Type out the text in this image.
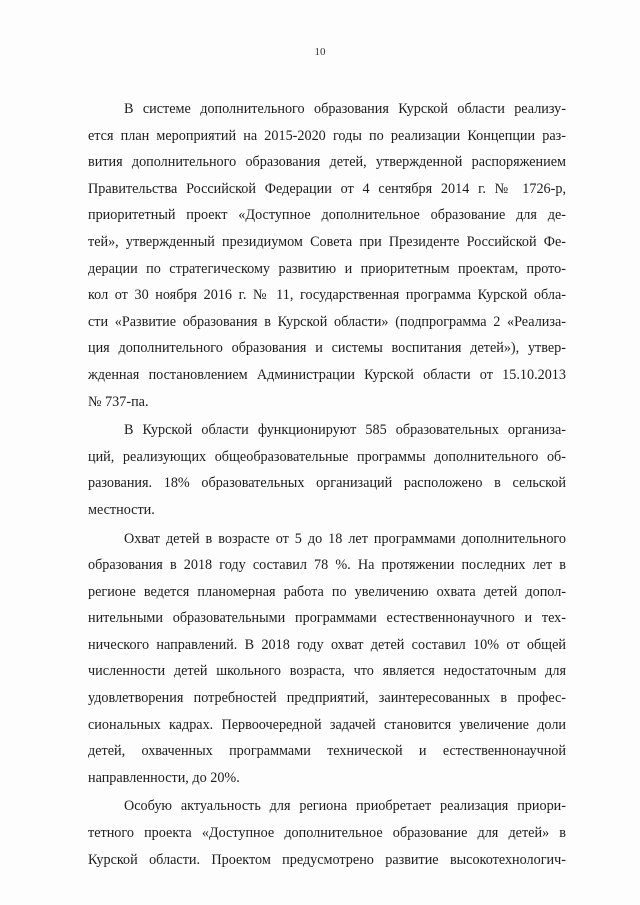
10

В системе дополнительного образования Курской области реализу-
ется план мероприятий на 2015-2020 годы по реализации Концепции раз-
вития дополнительного образования детей, утвержденной распоряжением
Правительства Российской Федерации от 4 сентября 2014 г. № 1726-р,
приоритетный проект «Доступное дополнительное образование для де-
тей», утвержденный президиумом Совета при Президенте Российской Фе-
дерации по стратегическому развитию и приоритетным проектам, прото-
кол от 30 ноября 2016 г. № 11, государственная программа Курской обла-
сти «Развитие образования в Курской области» (подпрограмма 2 «Реализа-
ция дополнительного образования и системы воспитания детей»), утвер-
жденная постановлением Администрации Курской области от 15.10.2013
№ 737-па.

В Курской области функционируют 585 образовательных организа-
ций, реализующих общеобразовательные программы дополнительного об-
разования. 18% образовательных организаций расположено в сельской
местности.

Охват детей в возрасте от 5 до 18 лет программами дополнительного
образования в 2018 году составил 78 %. На протяжении последних лет в
регионе ведется планомерная работа по увеличению охвата детей допол-
нительными образовательными программами естественнонаучного и тех-
нического направлений. В 2018 году охват детей составил 10% от общей
численности детей школьного возраста, что является недостаточным для
удовлетворения потребностей предприятий, заинтересованных в профес-
сиональных кадрах. Первоочередной задачей становится увеличение доли
детей, охваченных программами технической и естественнонаучной
направленности, до 20%.

Особую актуальность для региона приобретает реализация приори-
тетного проекта «Доступное дополнительное образование для детей» в
Курской области. Проектом предусмотрено развитие высокотехнологич-
